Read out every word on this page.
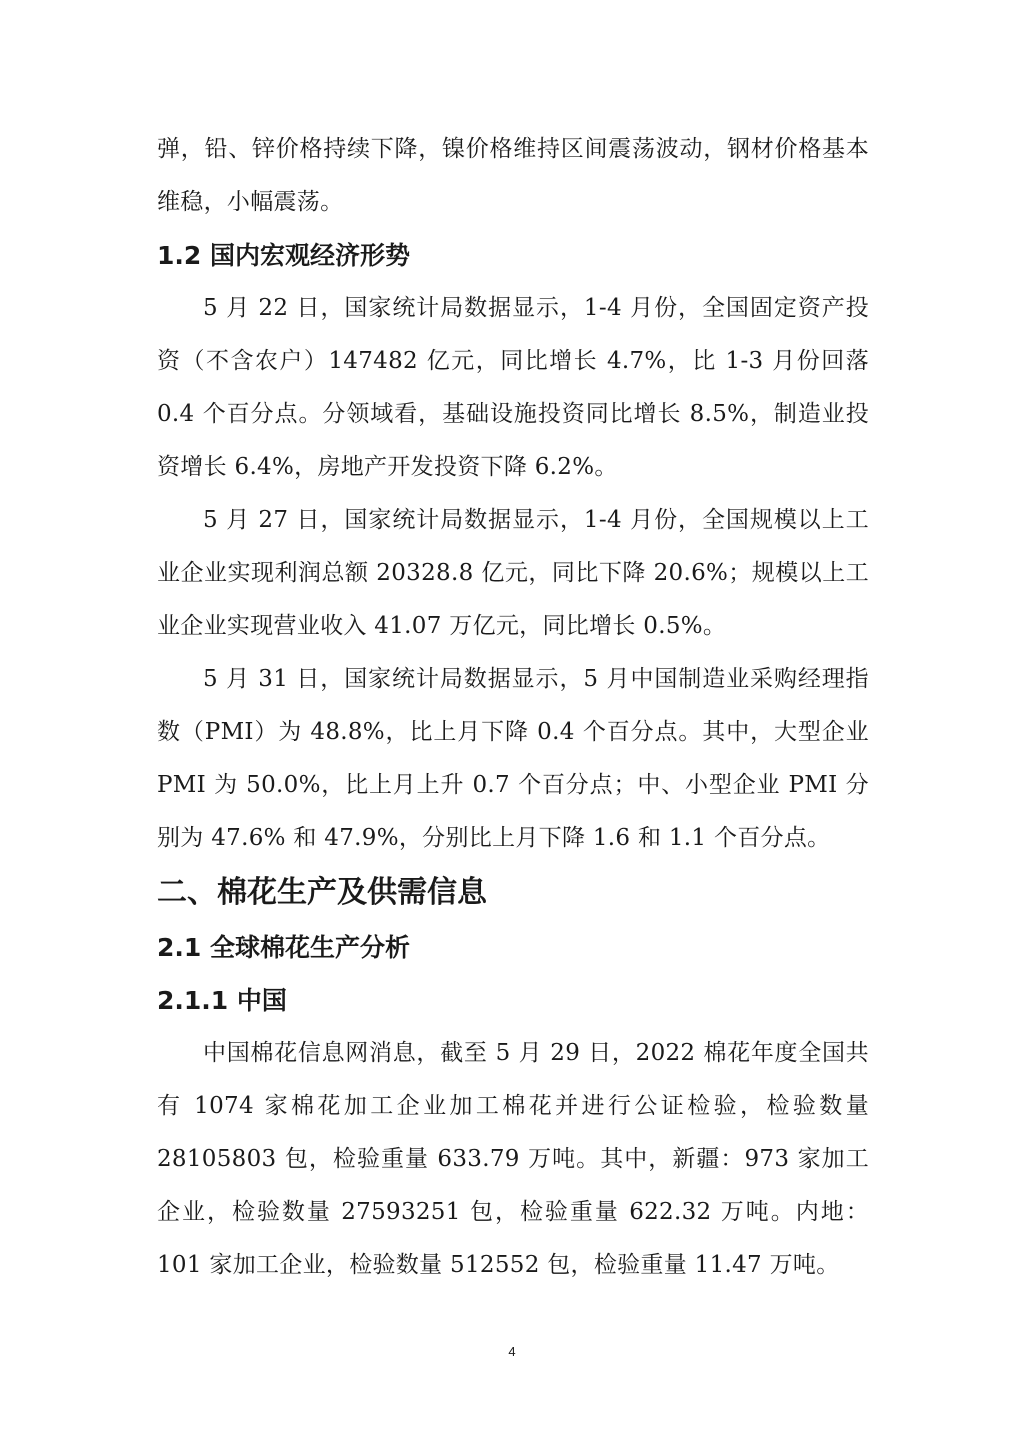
弹，铅、锌价格持续下降，镍价格维持区间震荡波动，钢材价格基本维稳，小幅震荡。

1.2 国内宏观经济形势

5 月 22 日，国家统计局数据显示，1-4 月份，全国固定资产投资（不含农户）147482 亿元，同比增长 4.7%，比 1-3 月份回落 0.4 个百分点。分领域看，基础设施投资同比增长 8.5%，制造业投资增长 6.4%，房地产开发投资下降 6.2%。

5 月 27 日，国家统计局数据显示，1-4 月份，全国规模以上工业企业实现利润总额 20328.8 亿元，同比下降 20.6%；规模以上工业企业实现营业收入 41.07 万亿元，同比增长 0.5%。

5 月 31 日，国家统计局数据显示，5 月中国制造业采购经理指数（PMI）为 48.8%，比上月下降 0.4 个百分点。其中，大型企业 PMI 为 50.0%，比上月上升 0.7 个百分点；中、小型企业 PMI 分别为 47.6% 和 47.9%，分别比上月下降 1.6 和 1.1 个百分点。

二、棉花生产及供需信息
2.1 全球棉花生产分析
2.1.1 中国

中国棉花信息网消息，截至 5 月 29 日，2022 棉花年度全国共有 1074 家棉花加工企业加工棉花并进行公证检验，检验数量 28105803 包，检验重量 633.79 万吨。其中，新疆：973 家加工企业，检验数量 27593251 包，检验重量 622.32 万吨。内地：101 家加工企业，检验数量 512552 包，检验重量 11.47 万吨。

4
